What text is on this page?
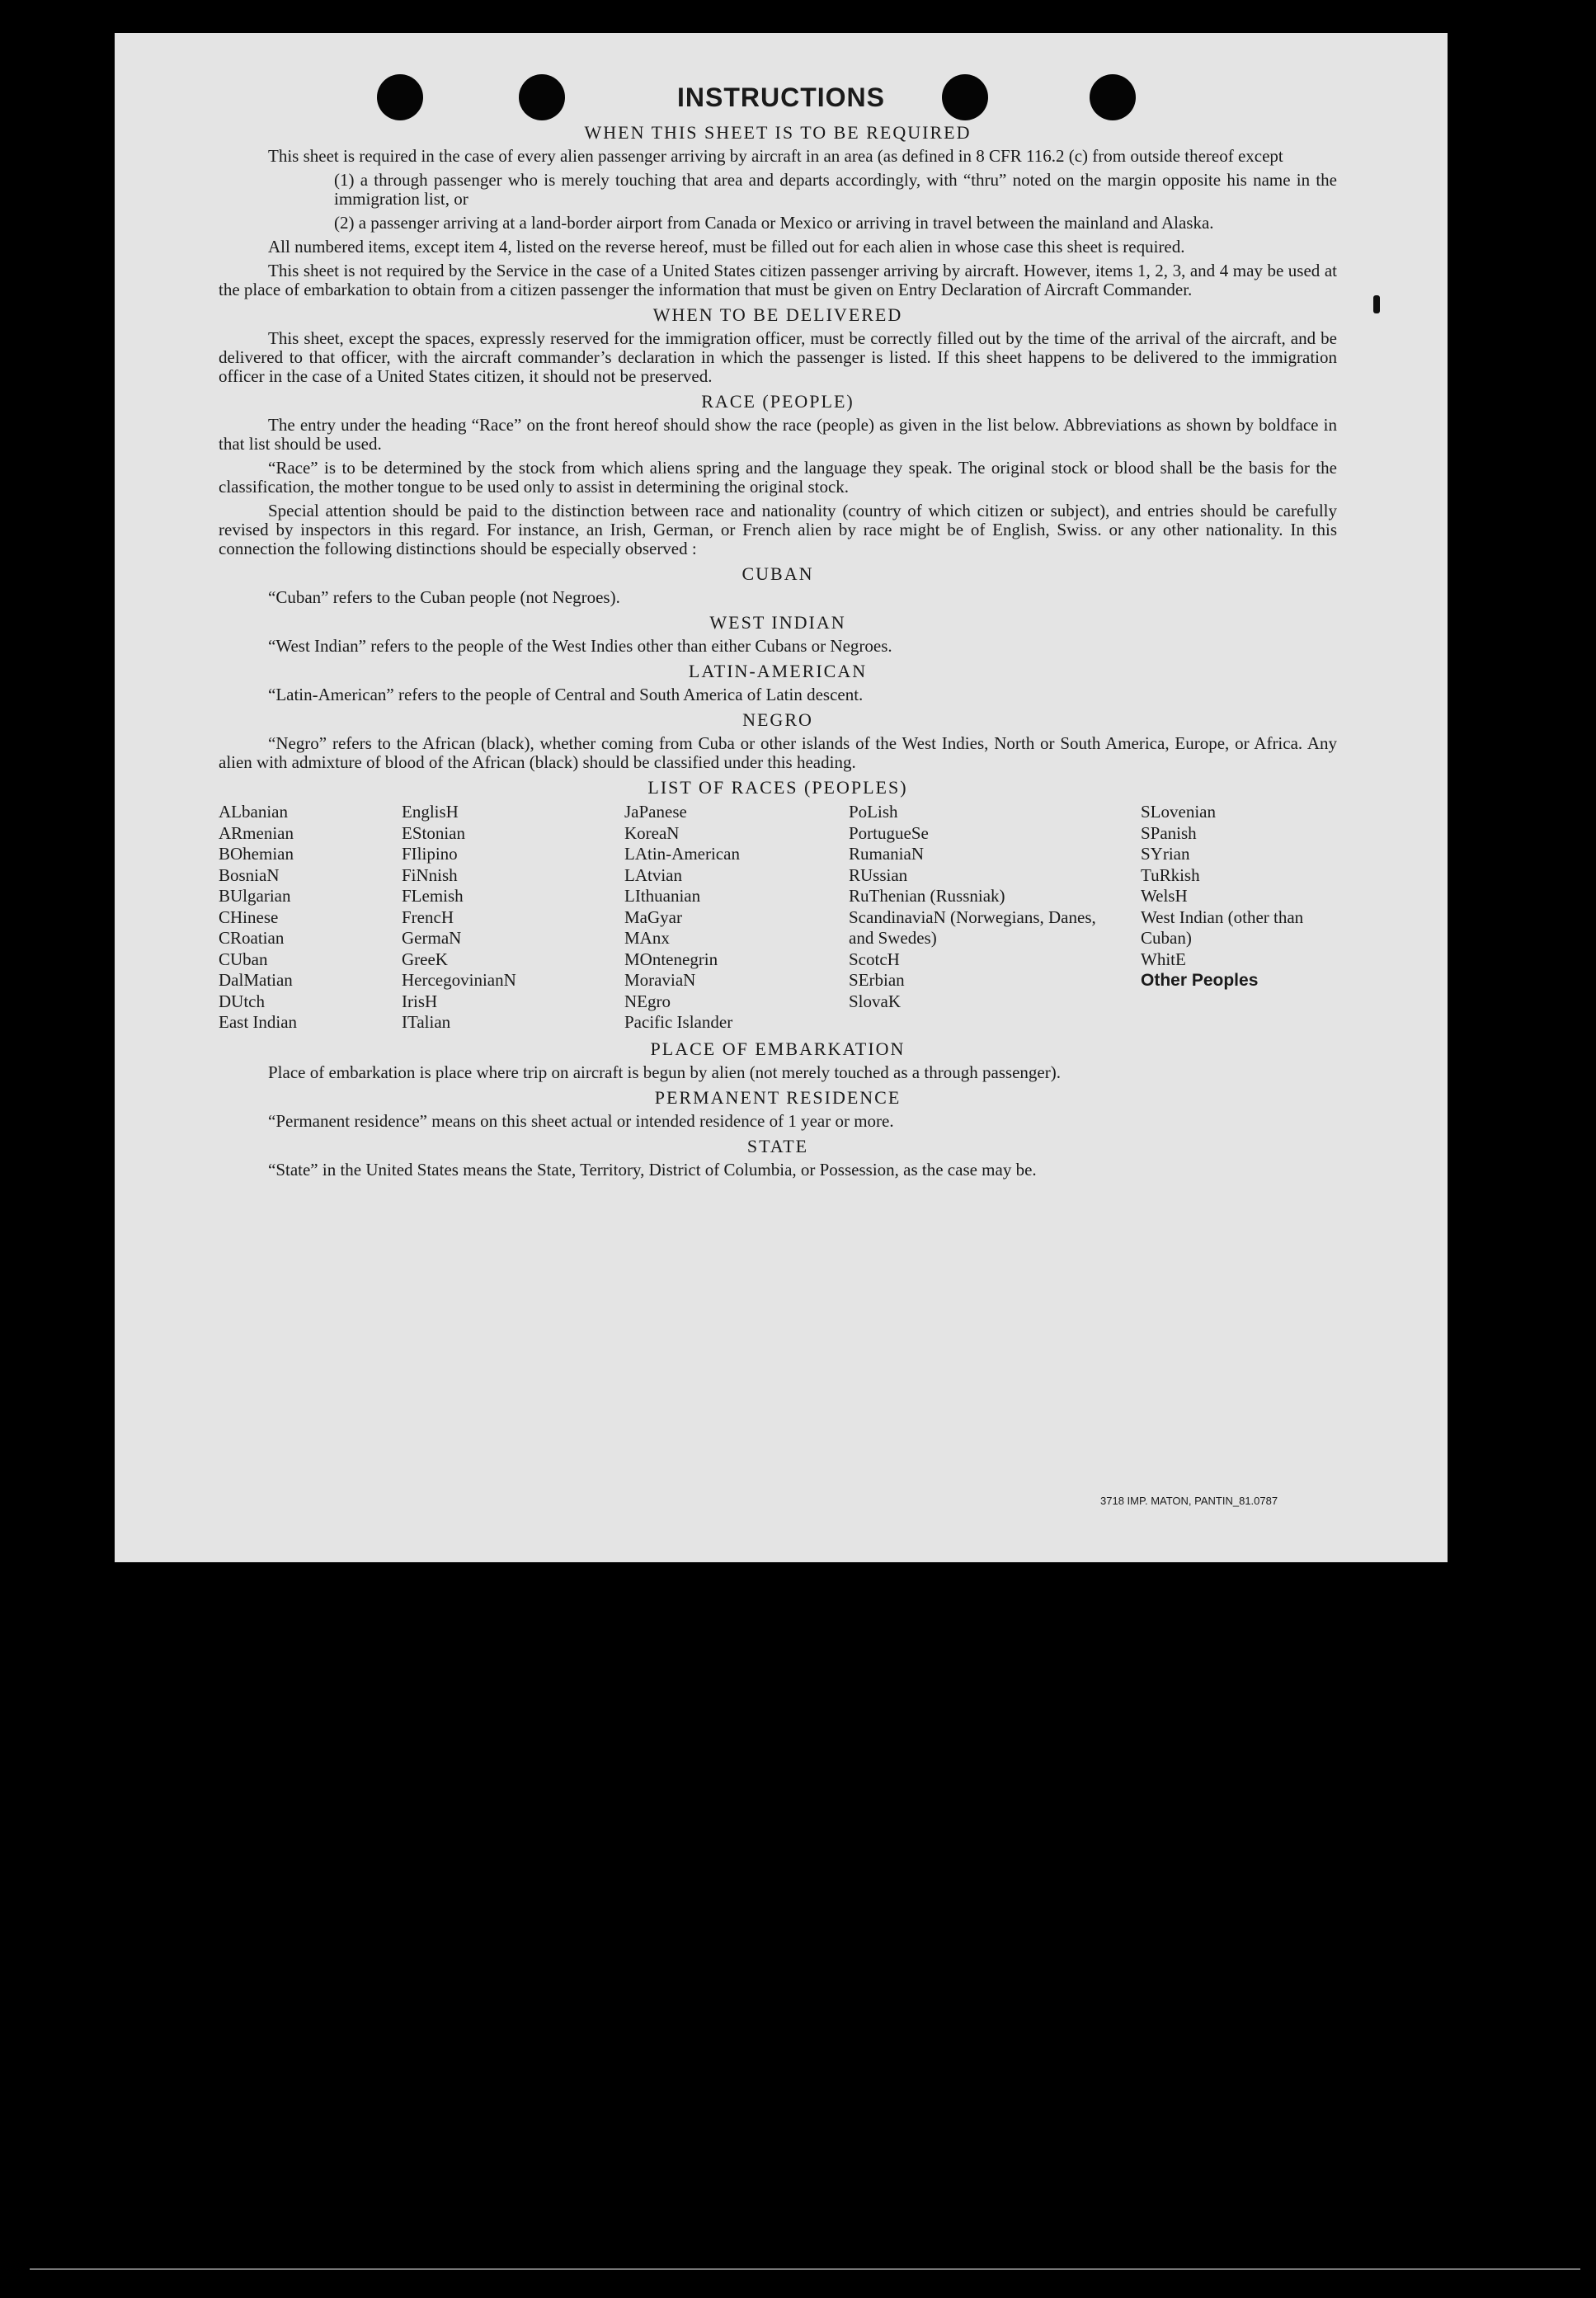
INSTRUCTIONS
WHEN THIS SHEET IS TO BE REQUIRED

This sheet is required in the case of every alien passenger arriving by aircraft in an area (as defined in 8 CFR 116.2 (c) from outside thereof except

(1) a through passenger who is merely touching that area and departs accordingly, with “thru” noted on the margin opposite his name in the immigration list, or

(2) a passenger arriving at a land-border airport from Canada or Mexico or arriving in travel between the mainland and Alaska.

All numbered items, except item 4, listed on the reverse hereof, must be filled out for each alien in whose case this sheet is required.

This sheet is not required by the Service in the case of a United States citizen passenger arriving by aircraft. However, items 1, 2, 3, and 4 may be used at the place of embarkation to obtain from a citizen passenger the information that must be given on Entry Declaration of Aircraft Commander.

WHEN TO BE DELIVERED

This sheet, except the spaces, expressly reserved for the immigration officer, must be correctly filled out by the time of the arrival of the aircraft, and be delivered to that officer, with the aircraft commander’s declaration in which the passenger is listed. If this sheet happens to be delivered to the immigration officer in the case of a United States citizen, it should not be preserved.

RACE (PEOPLE)

The entry under the heading “Race” on the front hereof should show the race (people) as given in the list below. Abbreviations as shown by boldface in that list should be used.

“Race” is to be determined by the stock from which aliens spring and the language they speak. The original stock or blood shall be the basis for the classification, the mother tongue to be used only to assist in determining the original stock.

Special attention should be paid to the distinction between race and nationality (country of which citizen or subject), and entries should be carefully revised by inspectors in this regard. For instance, an Irish, German, or French alien by race might be of English, Swiss. or any other nationality. In this connection the following distinctions should be especially observed :

CUBAN

“Cuban” refers to the Cuban people (not Negroes).

WEST INDIAN

“West Indian” refers to the people of the West Indies other than either Cubans or Negroes.

LATIN-AMERICAN

“Latin-American” refers to the people of Central and South America of Latin descent.

NEGRO

“Negro” refers to the African (black), whether coming from Cuba or other islands of the West Indies, North or South America, Europe, or Africa. Any alien with admixture of blood of the African (black) should be classified under this heading.

LIST OF RACES (PEOPLES)
ALbanian
ARmenian
BOhemian
BosniaN
BUlgarian
CHinese
CRoatian
CUban
DalMatian
DUtch
East Indian
EnglisH
EStonian
FIlipino
FiNnish
FLemish
FrencH
GermaN
GreeK
HercegovinianN
IrisH
ITalian
JaPanese
KoreaN
LAtin-American
LAtvian
LIthuanian
MaGyar
MAnx
MOntenegrin
MoraviaN
NEgro
Pacific Islander
PoLish
PortugueSe
RumaniaN
RUssian
RuThenian (Russniak)
ScandinaviaN (Norwegians, Danes, and Swedes)
ScotcH
SErbian
SlovaK
SLovenian
SPanish
SYrian
TuRkish
WelsH
West Indian (other than Cuban)
WhitE
Other Peoples
PLACE OF EMBARKATION

Place of embarkation is place where trip on aircraft is begun by alien (not merely touched as a through passenger).

PERMANENT RESIDENCE

“Permanent residence” means on this sheet actual or intended residence of 1 year or more.

STATE

“State” in the United States means the State, Territory, District of Columbia, or Possession, as the case may be.

3718 IMP. MATON, PANTIN_81.0787
